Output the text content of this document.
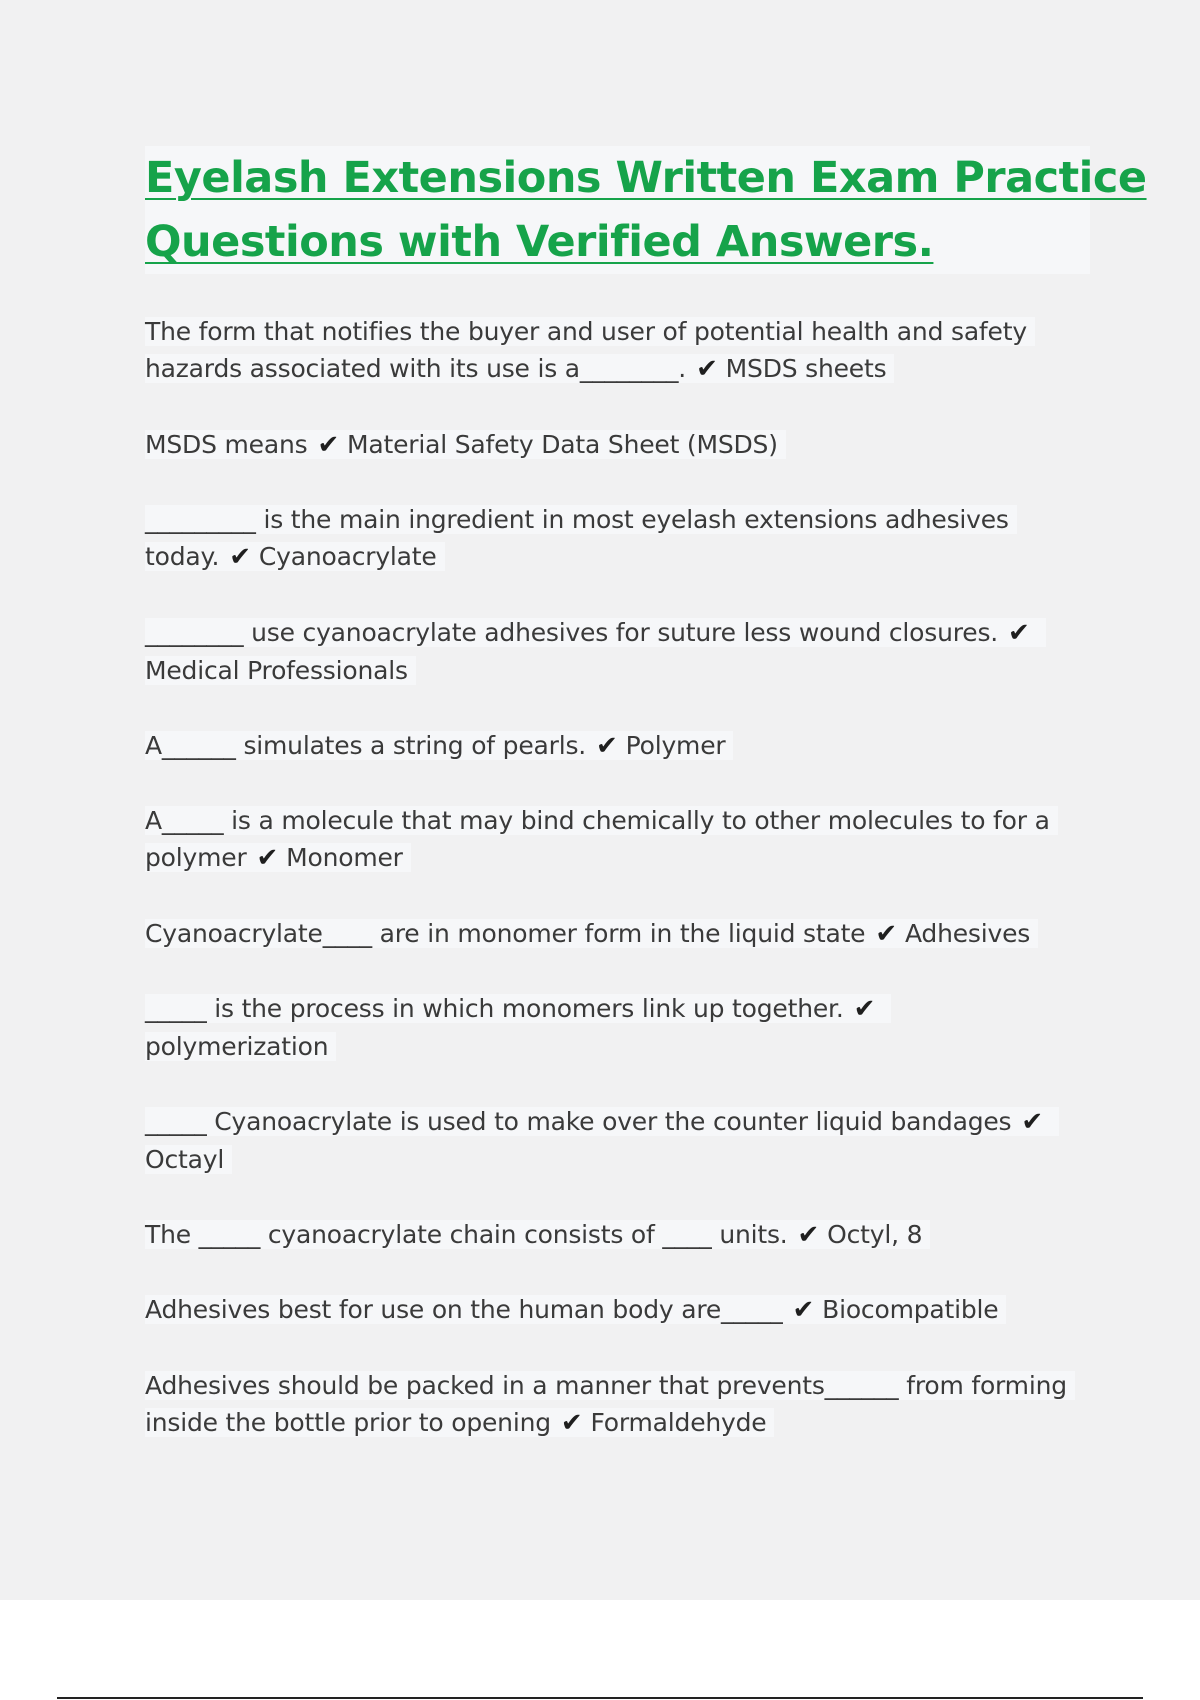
Eyelash Extensions Written Exam Practice
Questions with Verified Answers.
The form that notifies the buyer and user of potential health and safety
hazards associated with its use is a________. ✔ MSDS sheets
MSDS means ✔ Material Safety Data Sheet (MSDS)
_________ is the main ingredient in most eyelash extensions adhesives
today. ✔ Cyanoacrylate
________ use cyanoacrylate adhesives for suture less wound closures. ✔
Medical Professionals
A______ simulates a string of pearls. ✔ Polymer
A_____ is a molecule that may bind chemically to other molecules to for a
polymer ✔ Monomer
Cyanoacrylate____ are in monomer form in the liquid state ✔ Adhesives
_____ is the process in which monomers link up together. ✔
polymerization
_____ Cyanoacrylate is used to make over the counter liquid bandages ✔
Octayl
The _____ cyanoacrylate chain consists of ____ units. ✔ Octyl, 8
Adhesives best for use on the human body are_____ ✔ Biocompatible
Adhesives should be packed in a manner that prevents______ from forming
inside the bottle prior to opening ✔ Formaldehyde
